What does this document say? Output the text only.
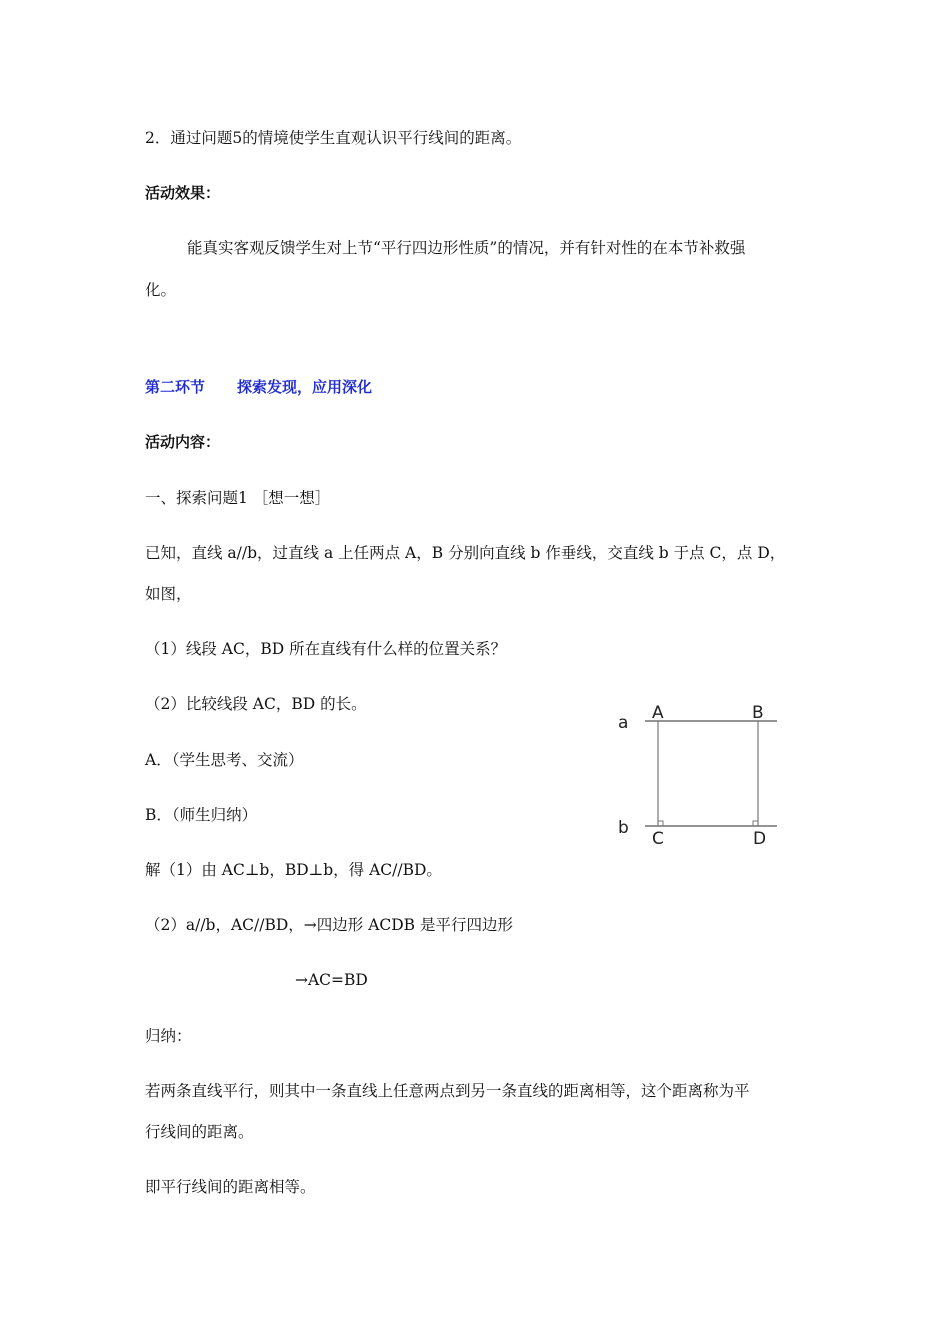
2．通过问题5的情境使学生直观认识平行线间的距离。
活动效果：
能真实客观反馈学生对上节“平行四边形性质”的情况，并有针对性的在本节补救强
化。
第二环节 探索发现，应用深化
活动内容：
一、探索问题1 ［想一想］
已知，直线 a//b，过直线 a 上任两点 A，B 分别向直线 b 作垂线，交直线 b 于点 C，点 D，
如图，
（1）线段 AC，BD 所在直线有什么样的位置关系？
（2）比较线段 AC，BD 的长。
A．（学生思考、交流）
B．（师生归纳）
解（1）由 AC⊥b，BD⊥b，得 AC//BD。
（2）a//b，AC//BD，→四边形 ACDB 是平行四边形
→AC=BD
归纳：
若两条直线平行，则其中一条直线上任意两点到另一条直线的距离相等，这个距离称为平
行线间的距离。
即平行线间的距离相等。
a
b
A	B
C	D
